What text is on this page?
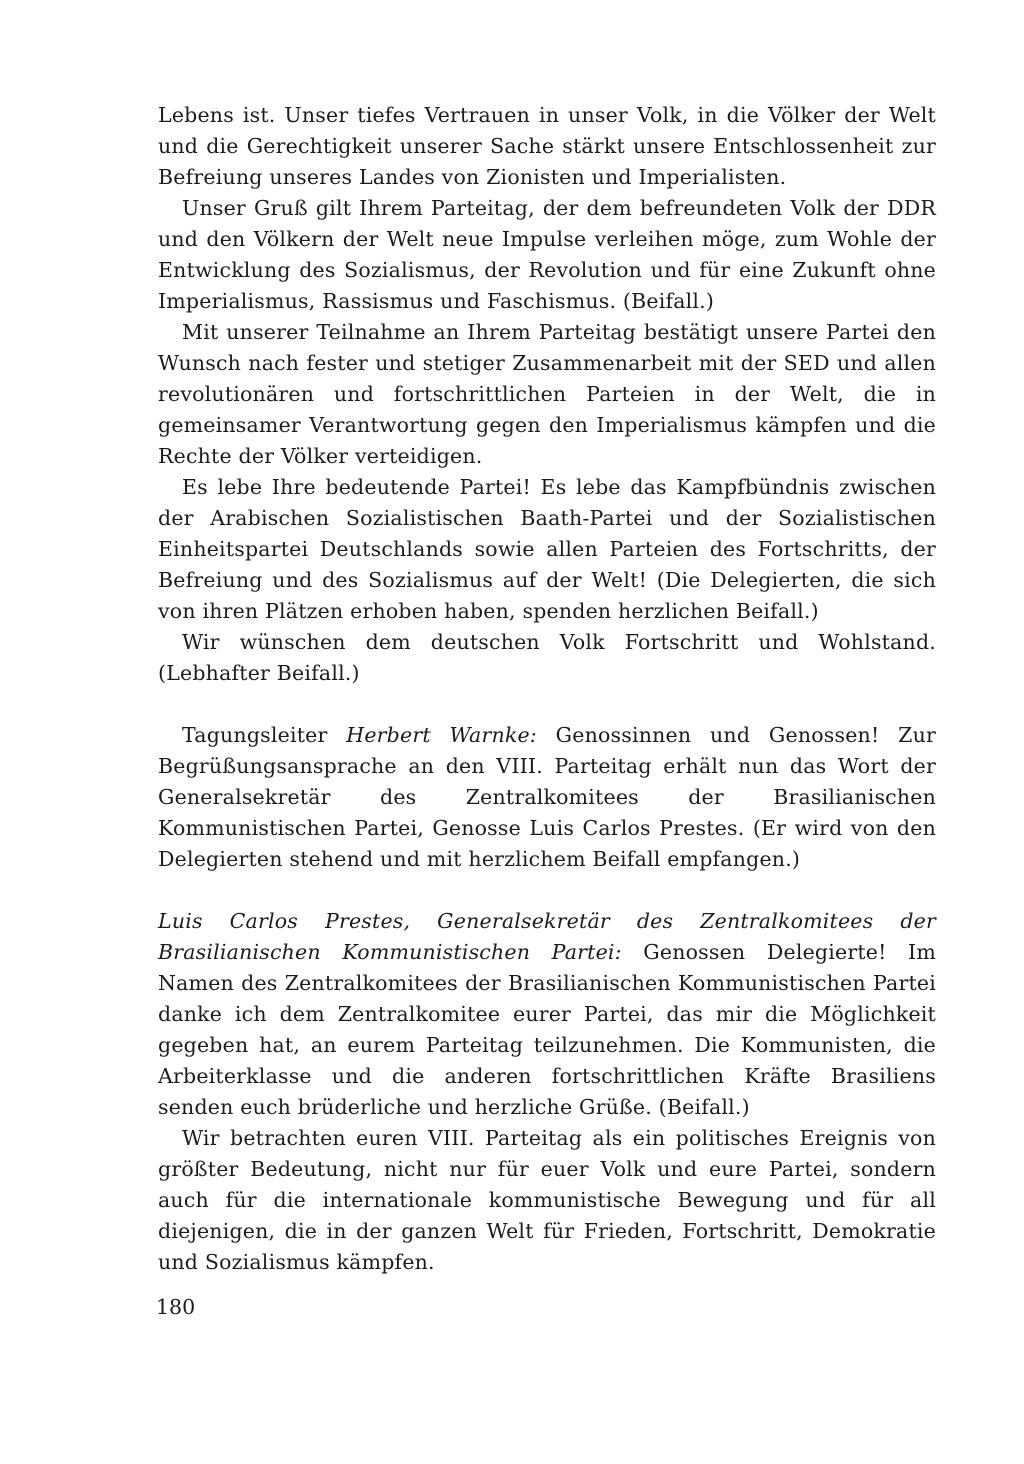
Lebens ist. Unser tiefes Vertrauen in unser Volk, in die Völker der Welt und die Gerechtigkeit unserer Sache stärkt unsere Entschlossenheit zur Befreiung unseres Landes von Zionisten und Imperialisten.

Unser Gruß gilt Ihrem Parteitag, der dem befreundeten Volk der DDR und den Völkern der Welt neue Impulse verleihen möge, zum Wohle der Entwicklung des Sozialismus, der Revolution und für eine Zukunft ohne Imperialismus, Rassismus und Faschismus. (Beifall.)

Mit unserer Teilnahme an Ihrem Parteitag bestätigt unsere Partei den Wunsch nach fester und stetiger Zusammenarbeit mit der SED und allen revolutionären und fortschrittlichen Parteien in der Welt, die in gemeinsamer Verantwortung gegen den Imperialismus kämpfen und die Rechte der Völker verteidigen.

Es lebe Ihre bedeutende Partei! Es lebe das Kampfbündnis zwischen der Arabischen Sozialistischen Baath-Partei und der Sozialistischen Einheitspartei Deutschlands sowie allen Parteien des Fortschritts, der Befreiung und des Sozialismus auf der Welt! (Die Delegierten, die sich von ihren Plätzen erhoben haben, spenden herzlichen Beifall.)

Wir wünschen dem deutschen Volk Fortschritt und Wohlstand. (Lebhafter Beifall.)

Tagungsleiter Herbert Warnke: Genossinnen und Genossen! Zur Begrüßungsansprache an den VIII. Parteitag erhält nun das Wort der Generalsekretär des Zentralkomitees der Brasilianischen Kommunistischen Partei, Genosse Luis Carlos Prestes. (Er wird von den Delegierten stehend und mit herzlichem Beifall empfangen.)

Luis Carlos Prestes, Generalsekretär des Zentralkomitees der Brasilianischen Kommunistischen Partei: Genossen Delegierte! Im Namen des Zentralkomitees der Brasilianischen Kommunistischen Partei danke ich dem Zentralkomitee eurer Partei, das mir die Möglichkeit gegeben hat, an eurem Parteitag teilzunehmen. Die Kommunisten, die Arbeiterklasse und die anderen fortschrittlichen Kräfte Brasiliens senden euch brüderliche und herzliche Grüße. (Beifall.)

Wir betrachten euren VIII. Parteitag als ein politisches Ereignis von größter Bedeutung, nicht nur für euer Volk und eure Partei, sondern auch für die internationale kommunistische Bewegung und für all diejenigen, die in der ganzen Welt für Frieden, Fortschritt, Demokratie und Sozialismus kämpfen.

180
